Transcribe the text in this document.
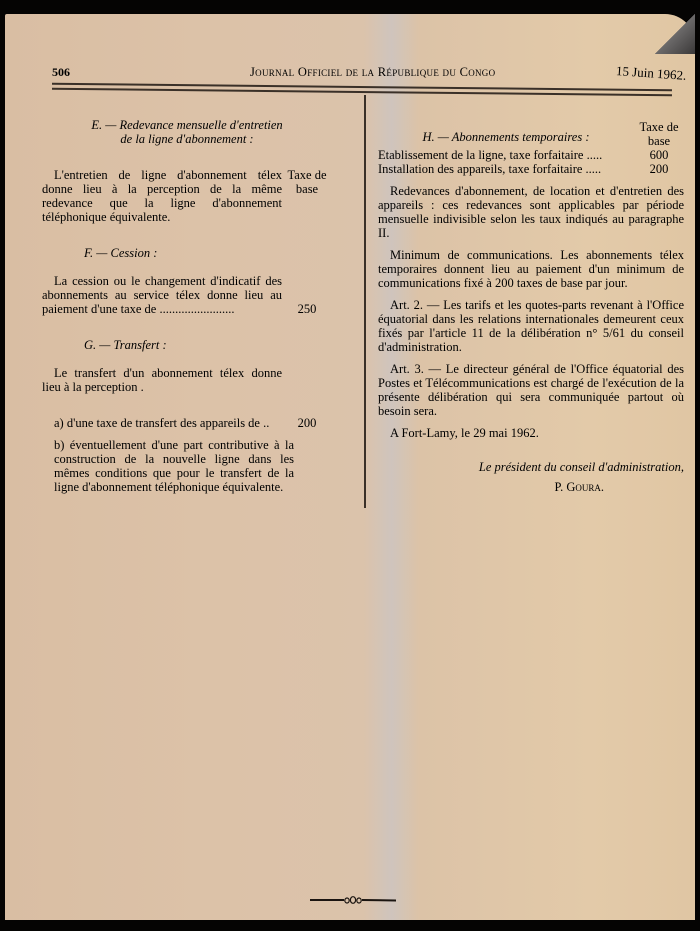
506	Journal Officiel de la République du Congo	15 Juin 1962.

E. — Redevance mensuelle d'entretien

de la ligne d'abonnement :

L'entretien de ligne d'abonnement télex donne lieu à la perception de la même redevance que la ligne d'abonnement téléphonique équivalente.

Taxe de base

F. — Cession :

La cession ou le changement d'indicatif des abonnements au service télex donne lieu au paiement d'une taxe de ........................	250

G. — Transfert :

Le transfert d'un abonnement télex donne lieu à la perception .

a) d'une taxe de transfert des appareils de ..	200

b) éventuellement d'une part contributive à la construction de la nouvelle ligne dans les mêmes conditions que pour le transfert de la ligne d'abonnement téléphonique équivalente.

H. — Abonnements temporaires :

Taxe de base

Etablissement de la ligne, taxe forfaitaire .....	600

Installation des appareils, taxe forfaitaire .....	200

Redevances d'abonnement, de location et d'entretien des appareils : ces redevances sont applicables par période mensuelle indivisible selon les taux indiqués au paragraphe II.

Minimum de communications. Les abonnements télex temporaires donnent lieu au paiement d'un minimum de communications fixé à 200 taxes de base par jour.

Art. 2. — Les tarifs et les quotes-parts revenant à l'Office équatorial dans les relations internationales demeurent ceux fixés par l'article 11 de la délibération n° 5/61 du conseil d'administration.

Art. 3. — Le directeur général de l'Office équatorial des Postes et Télécommunications est chargé de l'exécution de la présente délibération qui sera communiquée partout où besoin sera.

A Fort-Lamy, le 29 mai 1962.

Le président du conseil d'administration,

P. Goura.
